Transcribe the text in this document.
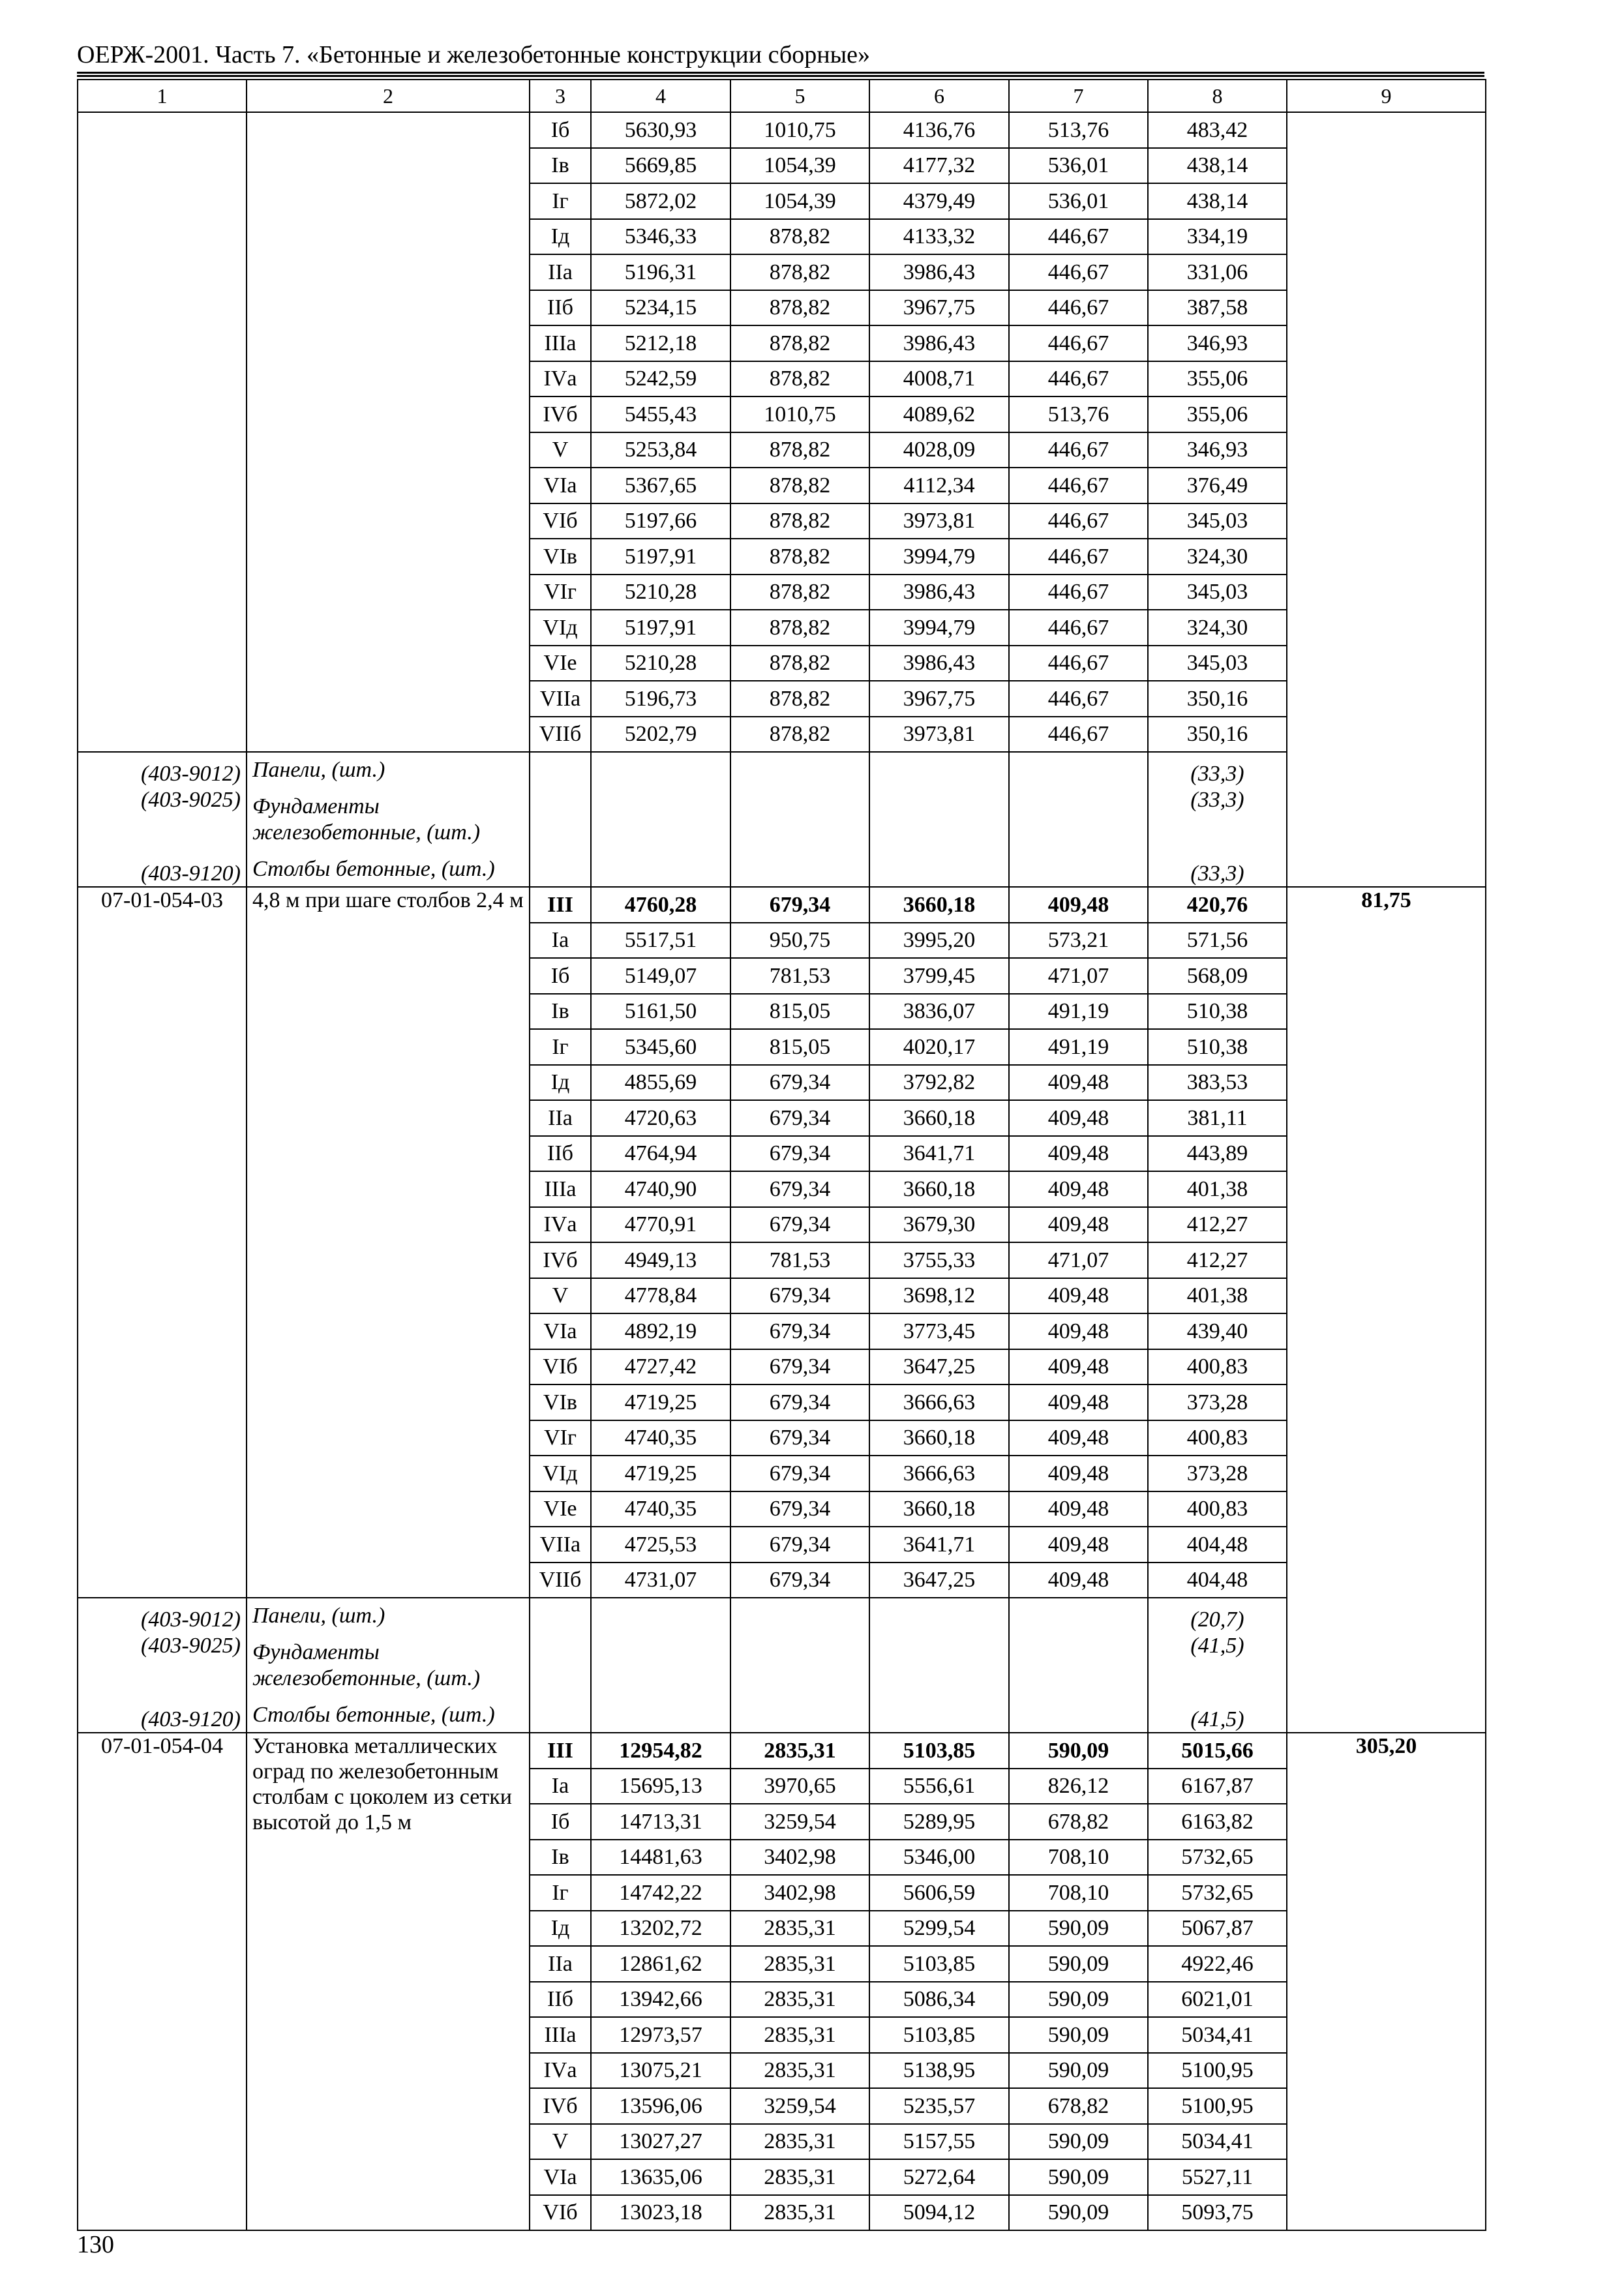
ОЕРЖ-2001. Часть 7. «Бетонные и железобетонные конструкции сборные»
1	2	3	4	5	6	7	8	9
		Iб	5630,93	1010,75	4136,76	513,76	483,42	
		Iв	5669,85	1054,39	4177,32	536,01	438,14	
		Iг	5872,02	1054,39	4379,49	536,01	438,14	
		Iд	5346,33	878,82	4133,32	446,67	334,19	
		IIа	5196,31	878,82	3986,43	446,67	331,06	
		IIб	5234,15	878,82	3967,75	446,67	387,58	
		IIIа	5212,18	878,82	3986,43	446,67	346,93	
		IVа	5242,59	878,82	4008,71	446,67	355,06	
		IVб	5455,43	1010,75	4089,62	513,76	355,06	
		V	5253,84	878,82	4028,09	446,67	346,93	
		VIа	5367,65	878,82	4112,34	446,67	376,49	
		VIб	5197,66	878,82	3973,81	446,67	345,03	
		VIв	5197,91	878,82	3994,79	446,67	324,30	
		VIг	5210,28	878,82	3986,43	446,67	345,03	
		VIд	5197,91	878,82	3994,79	446,67	324,30	
		VIе	5210,28	878,82	3986,43	446,67	345,03	
		VIIа	5196,73	878,82	3967,75	446,67	350,16	
		VIIб	5202,79	878,82	3973,81	446,67	350,16	
(403-9012)	Панели, (шт.)						(33,3)	
(403-9025)	Фундаменты железобетонные, (шт.)						(33,3)	
(403-9120)	Столбы бетонные, (шт.)						(33,3)	
07-01-054-03	4,8 м при шаге столбов 2,4 м	III	4760,28	679,34	3660,18	409,48	420,76	81,75
		Iа	5517,51	950,75	3995,20	573,21	571,56	
		Iб	5149,07	781,53	3799,45	471,07	568,09	
		Iв	5161,50	815,05	3836,07	491,19	510,38	
		Iг	5345,60	815,05	4020,17	491,19	510,38	
		Iд	4855,69	679,34	3792,82	409,48	383,53	
		IIа	4720,63	679,34	3660,18	409,48	381,11	
		IIб	4764,94	679,34	3641,71	409,48	443,89	
		IIIа	4740,90	679,34	3660,18	409,48	401,38	
		IVа	4770,91	679,34	3679,30	409,48	412,27	
		IVб	4949,13	781,53	3755,33	471,07	412,27	
		V	4778,84	679,34	3698,12	409,48	401,38	
		VIа	4892,19	679,34	3773,45	409,48	439,40	
		VIб	4727,42	679,34	3647,25	409,48	400,83	
		VIв	4719,25	679,34	3666,63	409,48	373,28	
		VIг	4740,35	679,34	3660,18	409,48	400,83	
		VIд	4719,25	679,34	3666,63	409,48	373,28	
		VIе	4740,35	679,34	3660,18	409,48	400,83	
		VIIа	4725,53	679,34	3641,71	409,48	404,48	
		VIIб	4731,07	679,34	3647,25	409,48	404,48	
(403-9012)	Панели, (шт.)						(20,7)	
(403-9025)	Фундаменты железобетонные, (шт.)						(41,5)	
(403-9120)	Столбы бетонные, (шт.)						(41,5)	
07-01-054-04	Установка металлических оград по железобетонным столбам с цоколем из сетки высотой до 1,5 м	III	12954,82	2835,31	5103,85	590,09	5015,66	305,20
		Iа	15695,13	3970,65	5556,61	826,12	6167,87	
		Iб	14713,31	3259,54	5289,95	678,82	6163,82	
		Iв	14481,63	3402,98	5346,00	708,10	5732,65	
		Iг	14742,22	3402,98	5606,59	708,10	5732,65	
		Iд	13202,72	2835,31	5299,54	590,09	5067,87	
		IIа	12861,62	2835,31	5103,85	590,09	4922,46	
		IIб	13942,66	2835,31	5086,34	590,09	6021,01	
		IIIа	12973,57	2835,31	5103,85	590,09	5034,41	
		IVа	13075,21	2835,31	5138,95	590,09	5100,95	
		IVб	13596,06	3259,54	5235,57	678,82	5100,95	
		V	13027,27	2835,31	5157,55	590,09	5034,41	
		VIа	13635,06	2835,31	5272,64	590,09	5527,11	
		VIб	13023,18	2835,31	5094,12	590,09	5093,75	
130
